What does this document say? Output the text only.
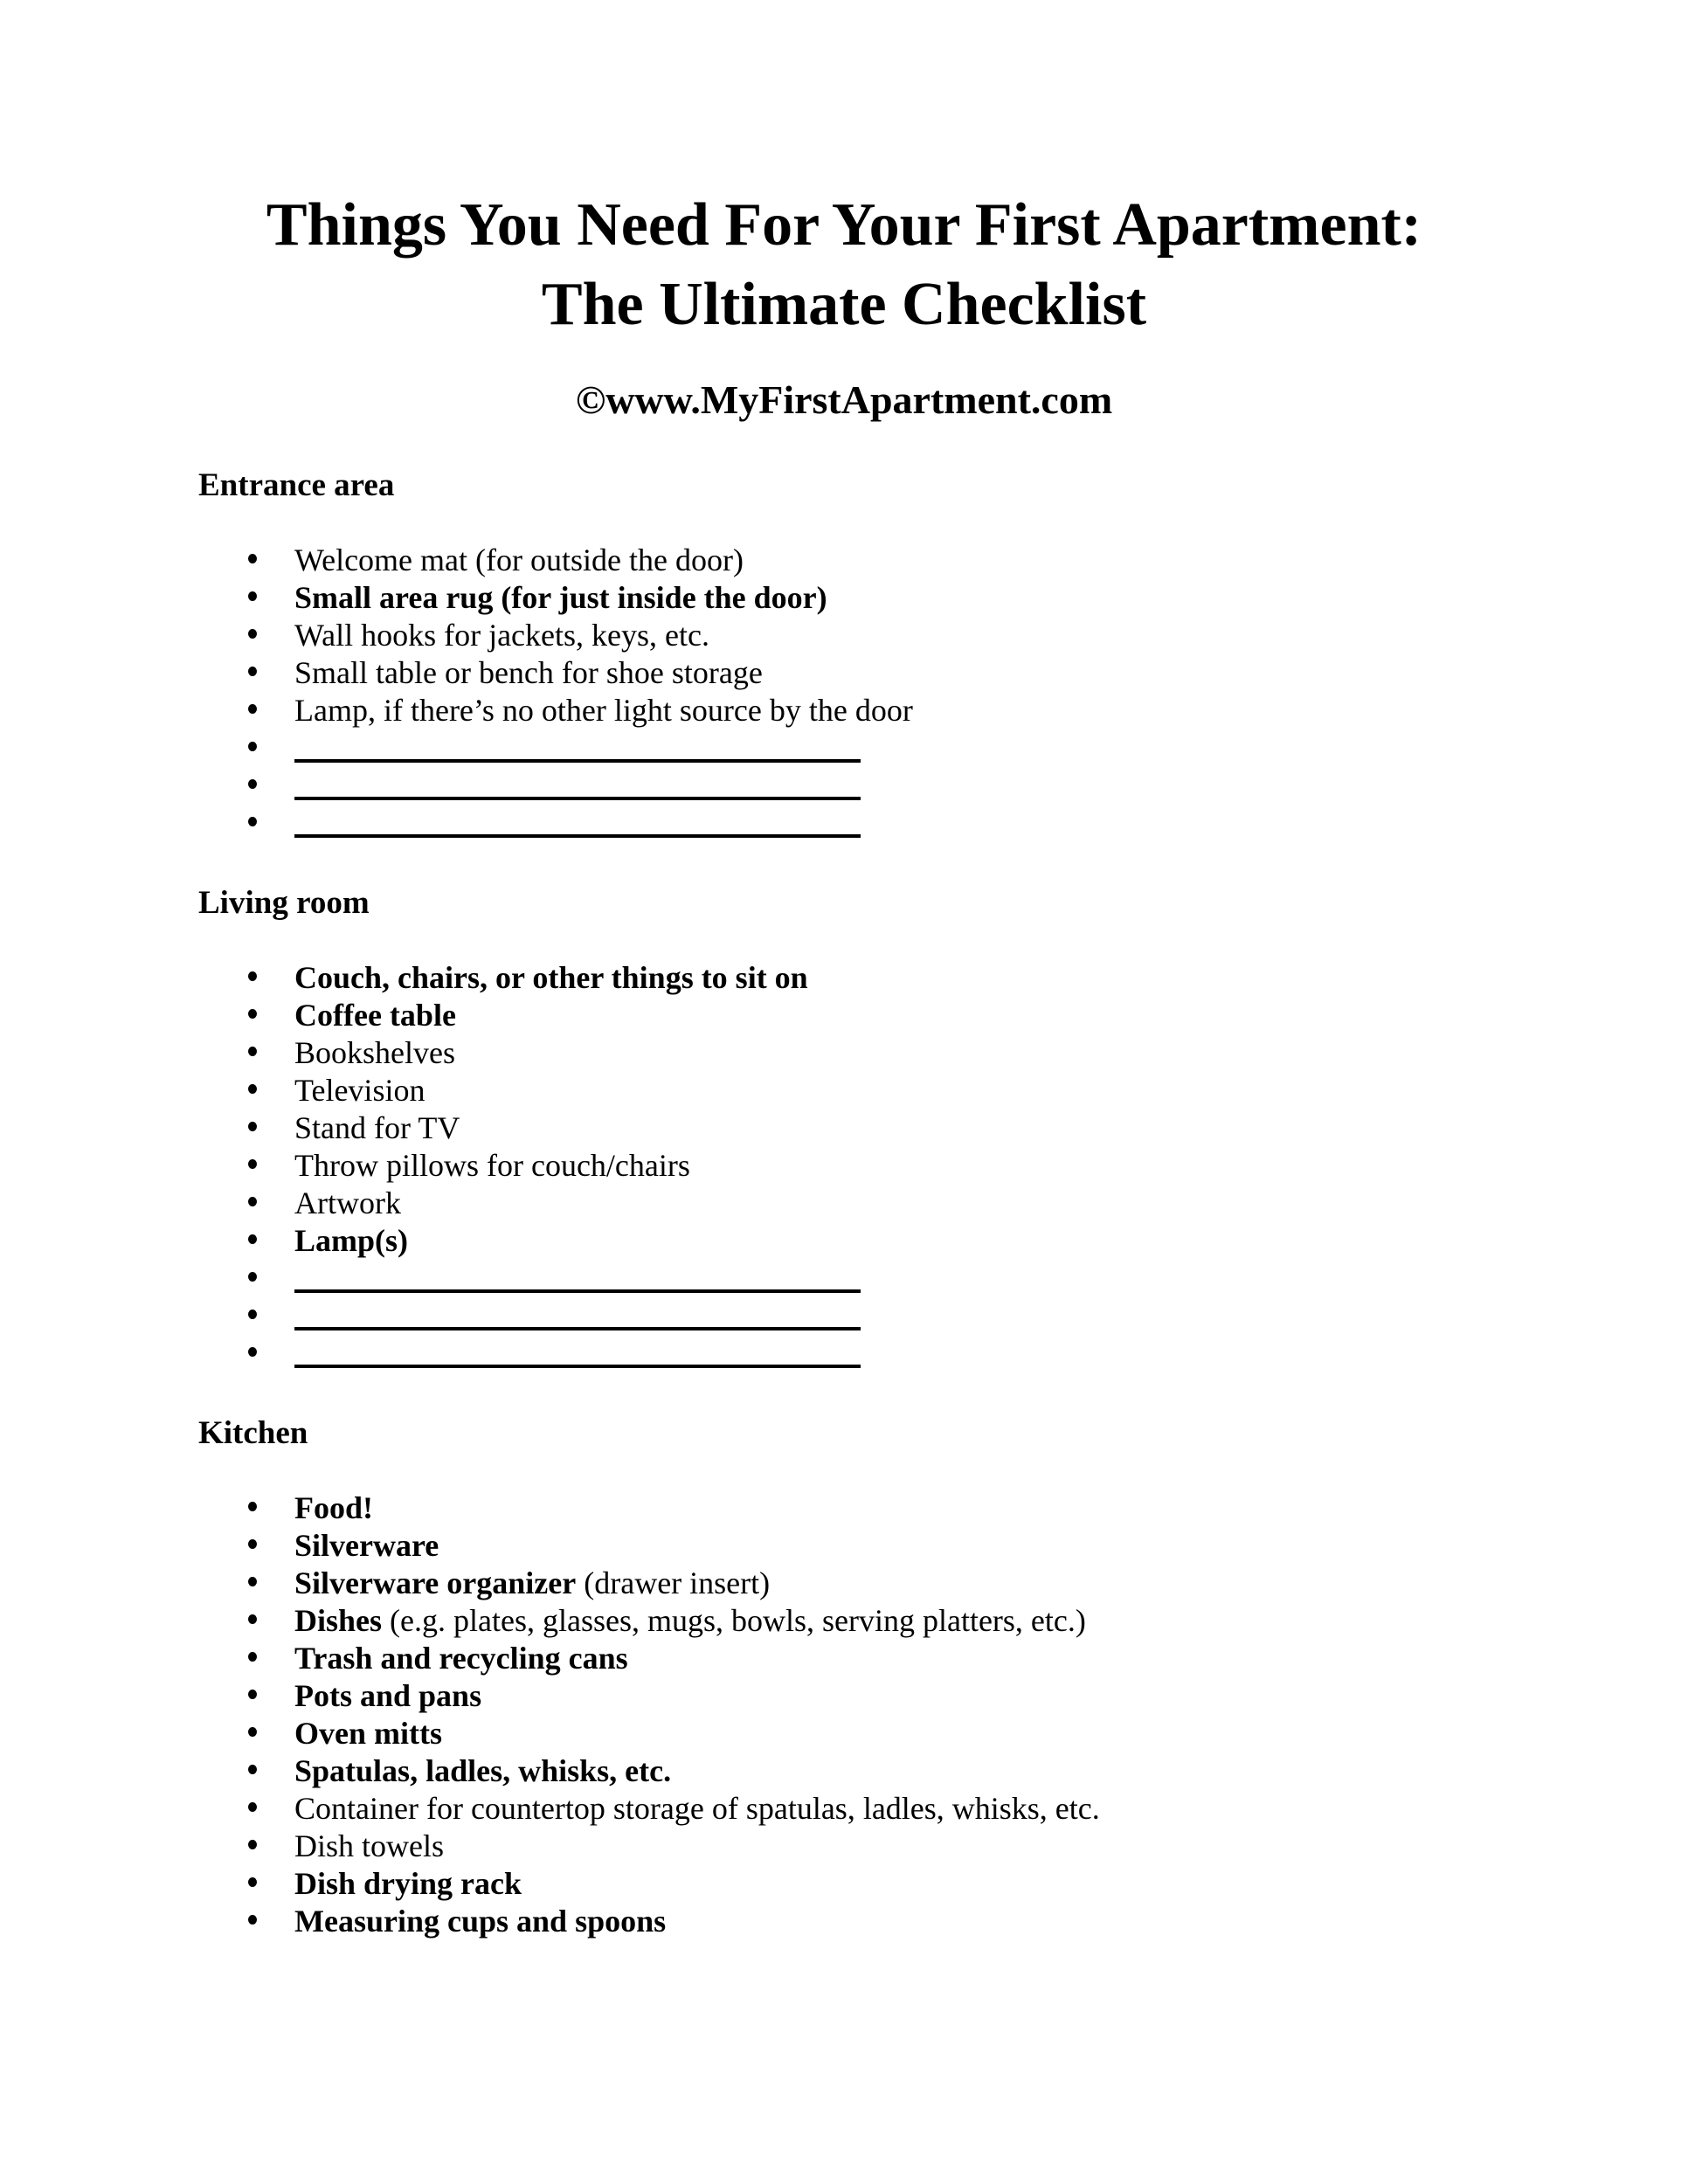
Things You Need For Your First Apartment:
The Ultimate Checklist
©www.MyFirstApartment.com
Entrance area
Welcome mat (for outside the door)
Small area rug (for just inside the door)
Wall hooks for jackets, keys, etc.
Small table or bench for shoe storage
Lamp, if there’s no other light source by the door
Living room
Couch, chairs, or other things to sit on
Coffee table
Bookshelves
Television
Stand for TV
Throw pillows for couch/chairs
Artwork
Lamp(s)
Kitchen
Food!
Silverware
Silverware organizer (drawer insert)
Dishes (e.g. plates, glasses, mugs, bowls, serving platters, etc.)
Trash and recycling cans
Pots and pans
Oven mitts
Spatulas, ladles, whisks, etc.
Container for countertop storage of spatulas, ladles, whisks, etc.
Dish towels
Dish drying rack
Measuring cups and spoons
